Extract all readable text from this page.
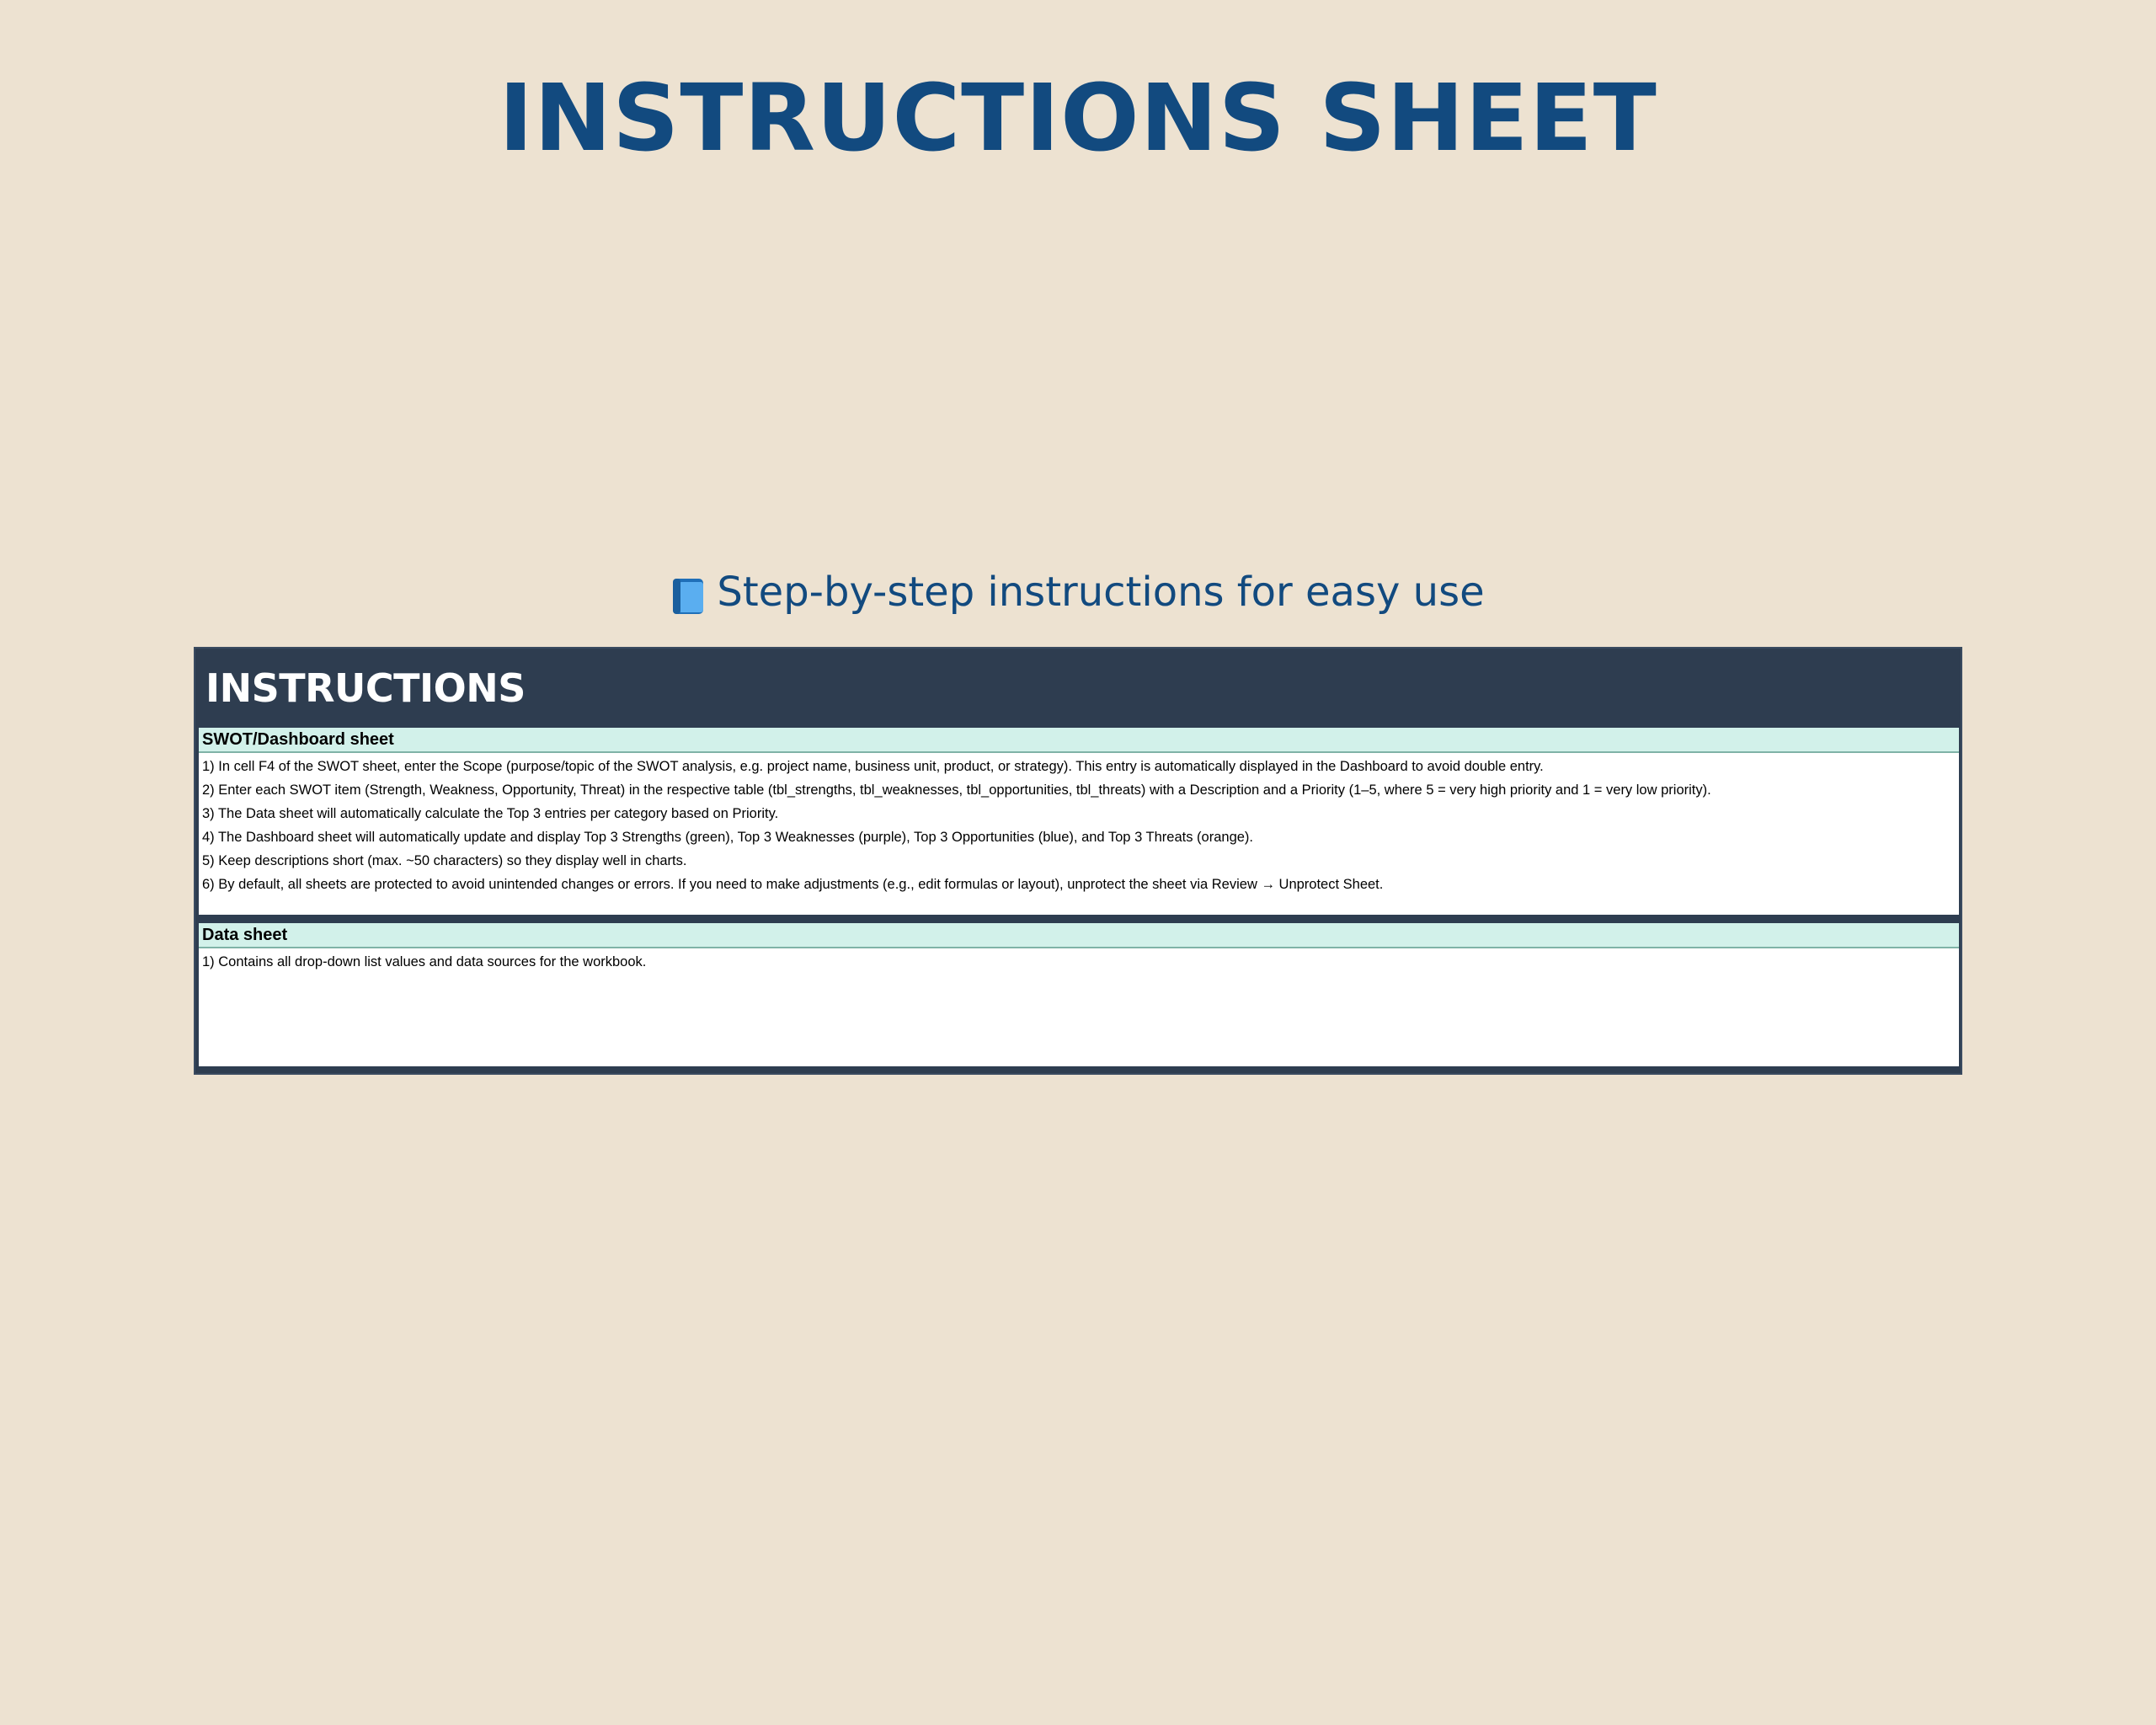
INSTRUCTIONS SHEET
Step-by-step instructions for easy use
INSTRUCTIONS
SWOT/Dashboard sheet
1) In cell F4 of the SWOT sheet, enter the Scope (purpose/topic of the SWOT analysis, e.g. project name, business unit, product, or strategy). This entry is automatically displayed in the Dashboard to avoid double entry.
2) Enter each SWOT item (Strength, Weakness, Opportunity, Threat) in the respective table (tbl_strengths, tbl_weaknesses, tbl_opportunities, tbl_threats) with a Description and a Priority (1–5, where 5 = very high priority and 1 = very low priority).
3) The Data sheet will automatically calculate the Top 3 entries per category based on Priority.
4) The Dashboard sheet will automatically update and display Top 3 Strengths (green), Top 3 Weaknesses (purple), Top 3 Opportunities (blue), and Top 3 Threats (orange).
5) Keep descriptions short (max. ~50 characters) so they display well in charts.
6) By default, all sheets are protected to avoid unintended changes or errors. If you need to make adjustments (e.g., edit formulas or layout), unprotect the sheet via Review → Unprotect Sheet.
Data sheet
1) Contains all drop-down list values and data sources for the workbook.
